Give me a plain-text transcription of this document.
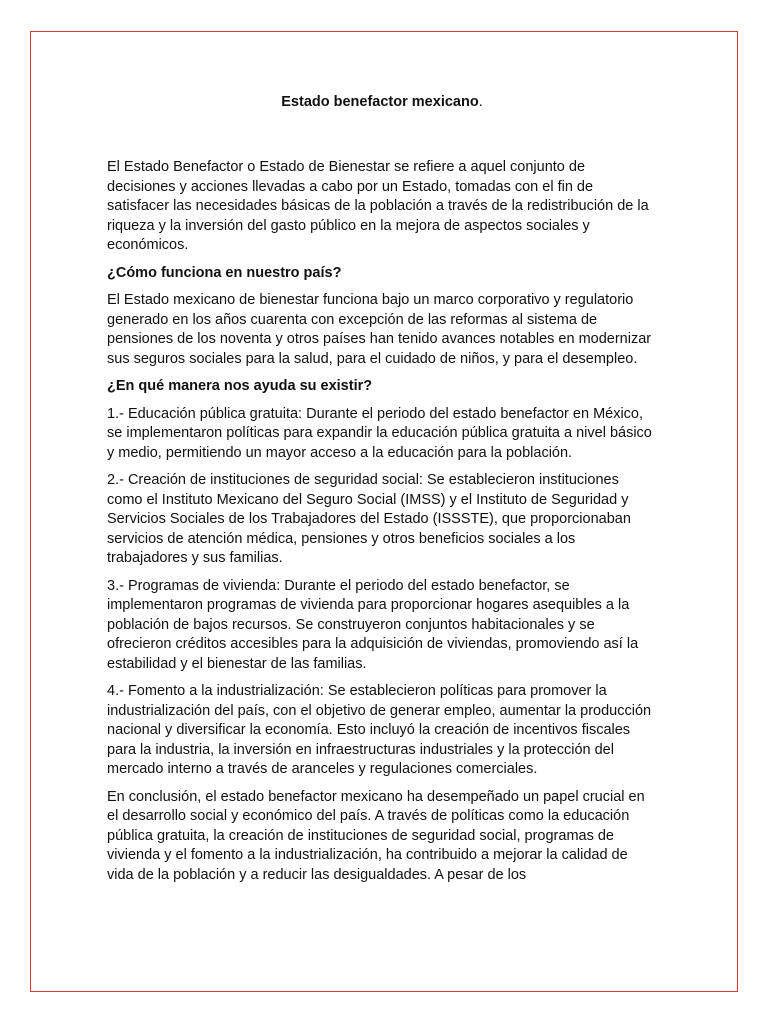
Estado benefactor mexicano.

El Estado Benefactor o Estado de Bienestar se refiere a aquel conjunto de decisiones y acciones llevadas a cabo por un Estado, tomadas con el fin de satisfacer las necesidades básicas de la población a través de la redistribución de la riqueza y la inversión del gasto público en la mejora de aspectos sociales y económicos.

¿Cómo funciona en nuestro país?

El Estado mexicano de bienestar funciona bajo un marco corporativo y regulatorio generado en los años cuarenta con excepción de las reformas al sistema de pensiones de los noventa y otros países han tenido avances notables en modernizar sus seguros sociales para la salud, para el cuidado de niños, y para el desempleo.

¿En qué manera nos ayuda su existir?

1.- Educación pública gratuita: Durante el periodo del estado benefactor en México, se implementaron políticas para expandir la educación pública gratuita a nivel básico y medio, permitiendo un mayor acceso a la educación para la población.

2.- Creación de instituciones de seguridad social: Se establecieron instituciones como el Instituto Mexicano del Seguro Social (IMSS) y el Instituto de Seguridad y Servicios Sociales de los Trabajadores del Estado (ISSSTE), que proporcionaban servicios de atención médica, pensiones y otros beneficios sociales a los trabajadores y sus familias.

3.- Programas de vivienda: Durante el periodo del estado benefactor, se implementaron programas de vivienda para proporcionar hogares asequibles a la población de bajos recursos. Se construyeron conjuntos habitacionales y se ofrecieron créditos accesibles para la adquisición de viviendas, promoviendo así la estabilidad y el bienestar de las familias.

4.- Fomento a la industrialización: Se establecieron políticas para promover la industrialización del país, con el objetivo de generar empleo, aumentar la producción nacional y diversificar la economía. Esto incluyó la creación de incentivos fiscales para la industria, la inversión en infraestructuras industriales y la protección del mercado interno a través de aranceles y regulaciones comerciales.

En conclusión, el estado benefactor mexicano ha desempeñado un papel crucial en el desarrollo social y económico del país. A través de políticas como la educación pública gratuita, la creación de instituciones de seguridad social, programas de vivienda y el fomento a la industrialización, ha contribuido a mejorar la calidad de vida de la población y a reducir las desigualdades. A pesar de los
